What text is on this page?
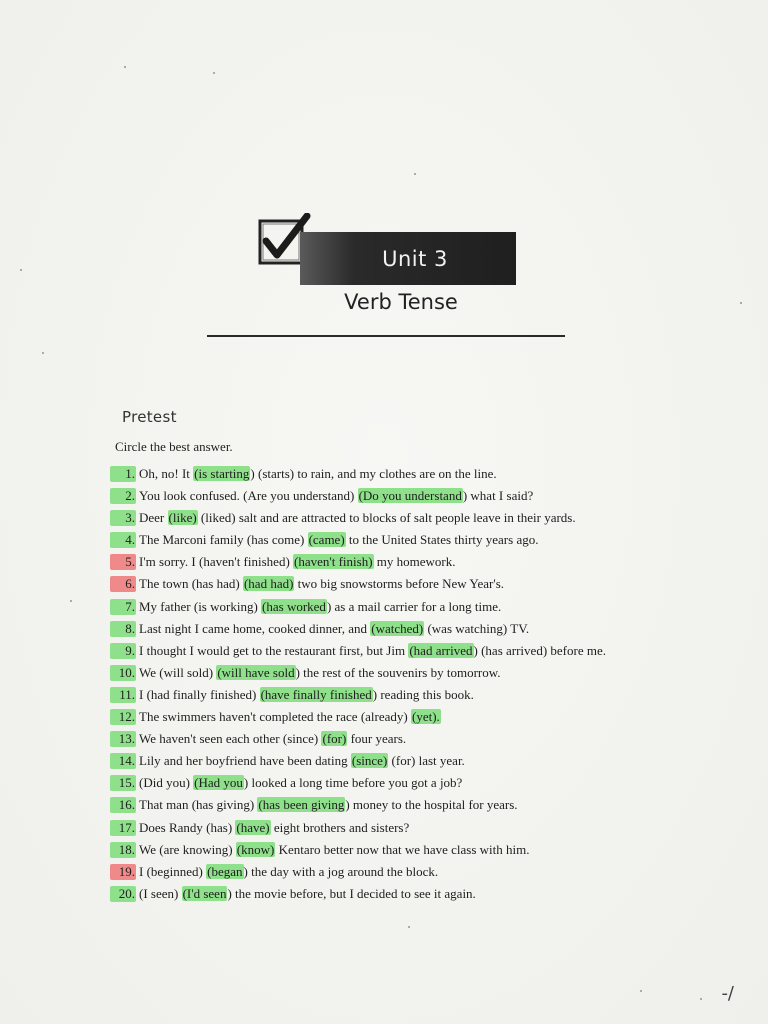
Unit 3
Verb Tense
Pretest
Circle the best answer.
1. Oh, no! It (is starting) (starts) to rain, and my clothes are on the line.
2. You look confused. (Are you understand) (Do you understand) what I said?
3. Deer (like) (liked) salt and are attracted to blocks of salt people leave in their yards.
4. The Marconi family (has come) (came) to the United States thirty years ago.
5. I'm sorry. I (haven't finished) (haven't finish) my homework.
6. The town (has had) (had had) two big snowstorms before New Year's.
7. My father (is working) (has worked) as a mail carrier for a long time.
8. Last night I came home, cooked dinner, and (watched) (was watching) TV.
9. I thought I would get to the restaurant first, but Jim (had arrived) (has arrived) before me.
10. We (will sold) (will have sold) the rest of the souvenirs by tomorrow.
11. I (had finally finished) (have finally finished) reading this book.
12. The swimmers haven't completed the race (already) (yet).
13. We haven't seen each other (since) (for) four years.
14. Lily and her boyfriend have been dating (since) (for) last year.
15. (Did you) (Had you) looked a long time before you got a job?
16. That man (has giving) (has been giving) money to the hospital for years.
17. Does Randy (has) (have) eight brothers and sisters?
18. We (are knowing) (know) Kentaro better now that we have class with him.
19. I (beginned) (began) the day with a jog around the block.
20. (I seen) (I'd seen) the movie before, but I decided to see it again.
-/
